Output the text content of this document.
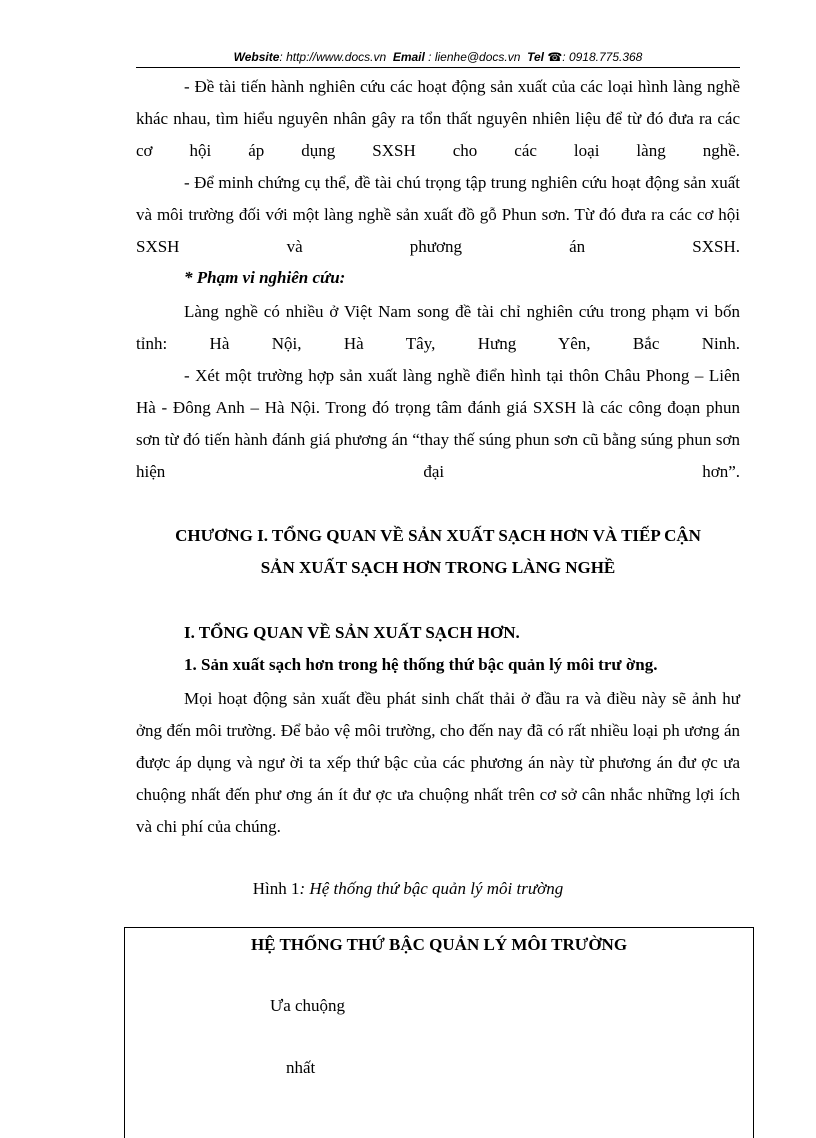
Website: http://www.docs.vn Email : lienhe@docs.vn Tel ☎: 0918.775.368

- Đề tài tiến hành nghiên cứu các hoạt động sản xuất của các loại hình làng nghề khác nhau, tìm hiểu nguyên nhân gây ra tổn thất nguyên nhiên liệu để từ đó đưa ra các cơ hội áp dụng SXSH cho các loại làng nghề.

- Để minh chứng cụ thể, đề tài chú trọng tập trung nghiên cứu hoạt động sản xuất và môi trường đối với một làng nghề sản xuất đồ gỗ Phun sơn. Từ đó đưa ra các cơ hội SXSH và phương án SXSH.

* Phạm vi nghiên cứu:

Làng nghề có nhiều ở Việt Nam song đề tài chỉ nghiên cứu trong phạm vi bốn tỉnh: Hà Nội, Hà Tây, Hưng Yên, Bắc Ninh.

- Xét một trường hợp sản xuất làng nghề điển hình tại thôn Châu Phong – Liên Hà - Đông Anh – Hà Nội. Trong đó trọng tâm đánh giá SXSH là các công đoạn phun sơn từ đó tiến hành đánh giá phương án “thay thế súng phun sơn cũ bằng súng phun sơn hiện đại hơn”.

CHƯƠNG I. TỔNG QUAN VỀ SẢN XUẤT SẠCH HƠN VÀ TIẾP CẬN
SẢN XUẤT SẠCH HƠN TRONG LÀNG NGHỀ
I. TỔNG QUAN VỀ SẢN XUẤT SẠCH HƠN.
1. Sản xuất sạch hơn trong hệ thống thứ bậc quản lý môi trư ờng.

Mọi hoạt động sản xuất đều phát sinh chất thải ở đầu ra và điều này sẽ ảnh hư ởng đến môi trường. Để bảo vệ môi trường, cho đến nay đã có rất nhiều loại ph ương án được áp dụng và ngư ời ta xếp thứ bậc của các phương án này từ phương án đư ợc ưa chuộng nhất đến phư ơng án ít đư ợc ưa chuộng nhất trên cơ sở cân nhắc những lợi ích và chi phí của chúng.

Hình 1: Hệ thống thứ bậc quản lý môi trường
HỆ THỐNG THỨ BẬC QUẢN LÝ MÔI TRƯỜNG
Ưa chuộng
nhất
